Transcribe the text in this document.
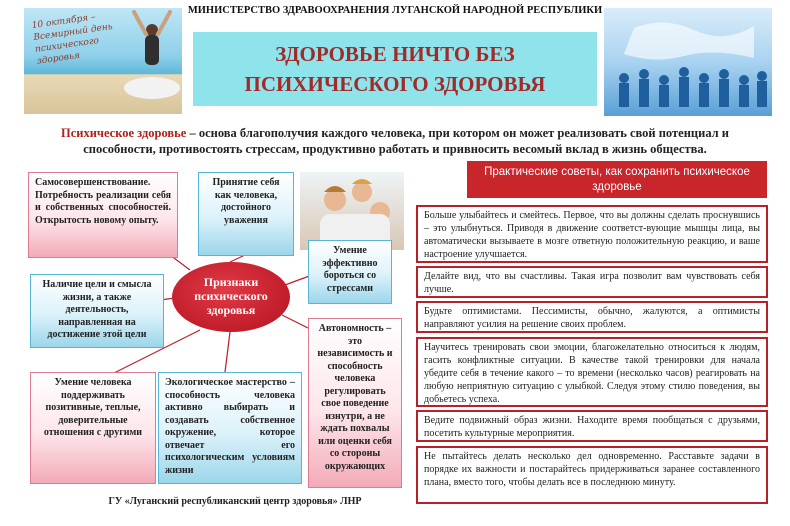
МИНИСТЕРСТВО ЗДРАВООХРАНЕНИЯ ЛУГАНСКОЙ НАРОДНОЙ РЕСПУБЛИКИ
10 октября – Всемирный день психического здоровья	ЗДОРОВЬЕ НИЧТО БЕЗ
ПСИХИЧЕСКОГО ЗДОРОВЬЯ
Психическое здоровье – основа благополучия каждого человека, при котором он может реализовать свой потенциал и способности, противостоять стрессам, продуктивно работать и привносить весомый вклад в жизнь общества.
Самосовершенствование. Потребность реализации себя и собственных способностей. Открытость новому опыту.
Принятие себя как человека, достойного уважения
Умение эффективно бороться со стрессами
Наличие цели и смысла жизни, а также деятельность, направленная на достижение этой цели
Признаки психического здоровья
Автономность – это независимость и способность человека регулировать свое поведение изнутри, а не ждать похвалы или оценки себя со стороны окружающих
Умение человека поддерживать позитивные, теплые, доверительные отношения с другими
Экологическое мастерство – способность человека активно выбирать и создавать собственное окружение, которое отвечает его психологическим условиям жизни
ГУ «Луганский республиканский центр здоровья» ЛНР
Практические советы, как сохранить психическое здоровье
Больше улыбайтесь и смейтесь. Первое, что вы должны сделать проснувшись – это улыбнуться. Приводя в движение соответст-вующие мышцы лица, вы автоматически вызываете в мозге ответную положительную реакцию, и ваше настроение улучшается.
Делайте вид, что вы счастливы. Такая игра позволит вам чувствовать себя лучше.
Будьте оптимистами. Пессимисты, обычно, жалуются, а оптимисты направляют усилия на решение своих проблем.
Научитесь тренировать свои эмоции, благожелательно относиться к людям, гасить конфликтные ситуации. В качестве такой тренировки для начала убедите себя в течение какого – то времени (несколько часов) реагировать на любую неприятную ситуацию с улыбкой. Следуя этому стилю поведения, вы добьетесь успеха.
Ведите подвижный образ жизни. Находите время пообщаться с друзьями, посетить культурные мероприятия.
Не пытайтесь делать несколько дел одновременно. Расставьте задачи в порядке их важности и постарайтесь придерживаться заранее составленного плана, вместо того, чтобы делать все в последнюю минуту.
